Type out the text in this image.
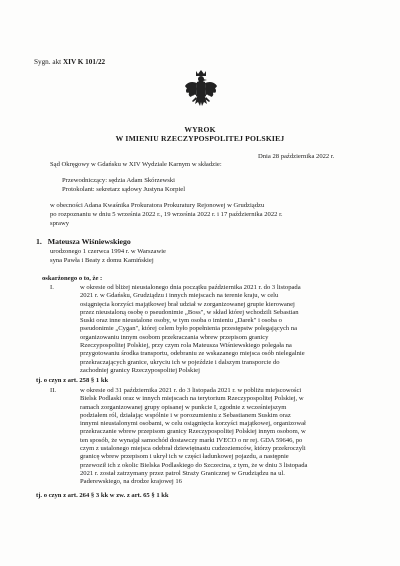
Sygn. akt XIV K 101/22
WYROK
W IMIENIU RZECZYPOSPOLITEJ POLSKIEJ
Dnia 28 października 2022 r.
Sąd Okręgowy w Gdańsku w XIV Wydziale Karnym w składzie:
Przewodniczący: sędzia Adam Skórzewski
Protokolant: sekretarz sądowy Justyna Korpiel
w obecności Adana Kwaśnika Prokuratora Prokuratury Rejonowej w Grudziądzu
po rozpoznaniu w dniu 5 września 2022 r., 19 września 2022 r. i 17 października 2022 r.
sprawy
1. Mateusza Wiśniewskiego
urodzonego 1 czerwca 1994 r. w Warszawie
syna Pawła i Beaty z domu Kamińskiej
oskarżonego o to, że :
I.	w okresie od bliżej nieustalonego dnia początku października 2021 r. do 3 listopada
2021 r. w Gdańsku, Grudziądzu i innych miejscach na terenie kraju, w celu
osiągnięcia korzyści majątkowej brał udział w zorganizowanej grupie kierowanej
przez nieustaloną osobę o pseudonimie „Boss", w skład której wchodzili Sebastian
Suski oraz inne nieustalone osoby, w tym osoba o imieniu „Darek" i osoba o
pseudonimie „Cygan", której celem było popełnienia przestępstw polegających na
organizowaniu innym osobom przekraczania wbrew przepisom granicy
Rzeczypospolitej Polskiej, przy czym rola Mateusza Wiśniewskiego polegała na
przygotowaniu środka transportu, odebraniu ze wskazanego miejsca osób nielegalnie
przekraczających granice, ukryciu ich w pojeździe i dalszym transporcie do
zachodniej granicy Rzeczypospolitej Polskiej
tj. o czyn z art. 258 § 1 kk
II.	w okresie od 31 października 2021 r. do 3 listopada 2021 r. w pobliżu miejscowości
Bielsk Podlaski oraz w innych miejscach na terytorium Rzeczypospolitej Polskiej, w
ramach zorganizowanej grupy opisanej w punkcie I, zgodnie z wcześniejszym
podziałem ról, działając wspólnie i w porozumieniu z Sebastianem Suskim oraz
innymi nieustalonymi osobami, w celu osiągnięcia korzyści majątkowej, organizował
przekraczanie wbrew przepisom granicy Rzeczypospolitej Polskiej innym osobom, w
ten sposób, że wynajął samochód dostawczy marki IVECO o nr rej. GDA 59646, po
czym z ustalonego miejsca odebrał dziewiętnastu cudzoziemców, którzy przekroczyli
granicę wbrew przepisom i ukrył ich w części ładunkowej pojazdu, a następnie
przewoził ich z okolic Bielska Podlaskiego do Szczecina, z tym, że w dniu 3 listopada
2021 r. został zatrzymany przez patrol Straży Granicznej w Grudziądzu na ul.
Paderewskiego, na drodze krajowej 16
tj. o czyn z art. 264 § 3 kk w zw. z art. 65 § 1 kk
